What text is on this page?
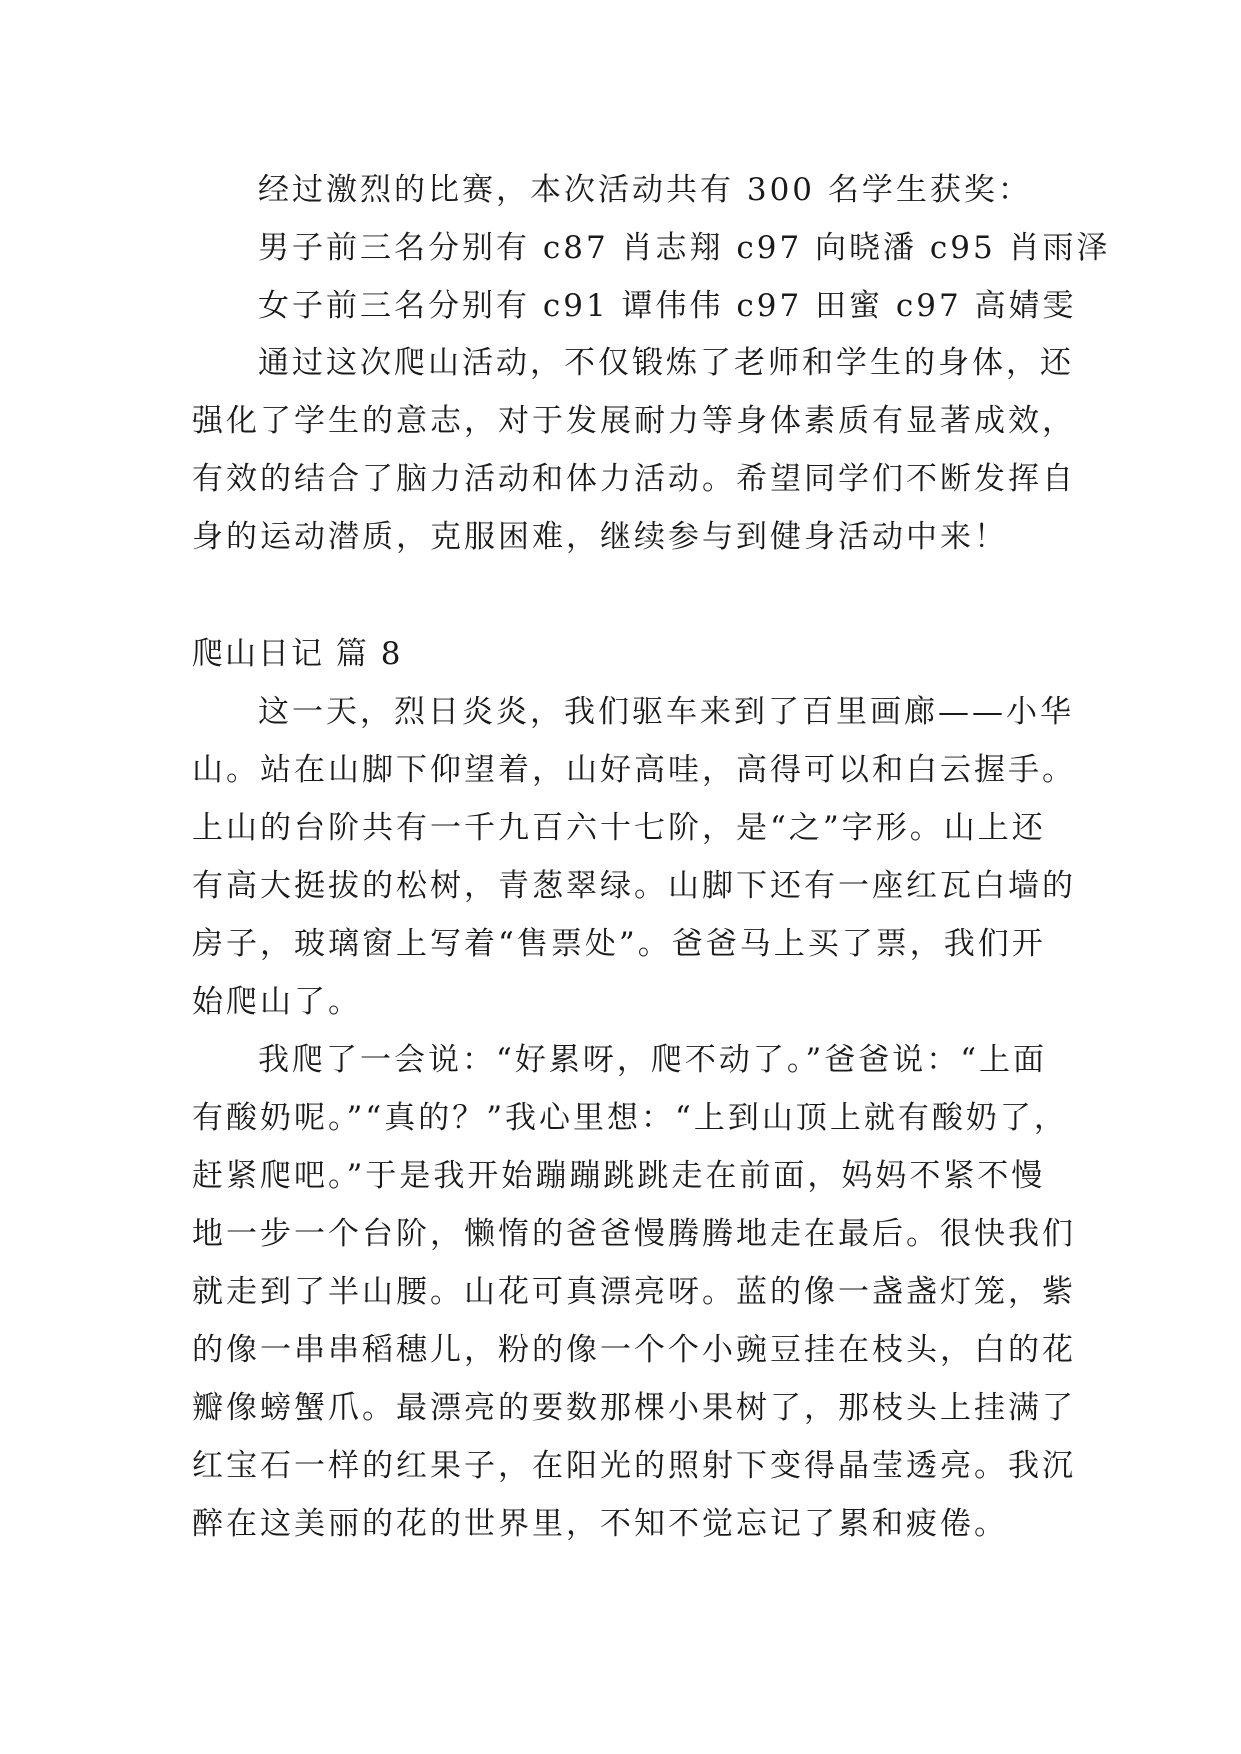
经过激烈的比赛，本次活动共有 300 名学生获奖：

男子前三名分别有 c87 肖志翔 c97 向晓潘 c95 肖雨泽

女子前三名分别有 c91 谭伟伟 c97 田蜜 c97 高婧雯

通过这次爬山活动，不仅锻炼了老师和学生的身体，还

强化了学生的意志，对于发展耐力等身体素质有显著成效，

有效的结合了脑力活动和体力活动。希望同学们不断发挥自

身的运动潜质，克服困难，继续参与到健身活动中来！

爬山日记 篇 8

这一天，烈日炎炎，我们驱车来到了百里画廊——小华

山。站在山脚下仰望着，山好高哇，高得可以和白云握手。

上山的台阶共有一千九百六十七阶，是“之”字形。山上还

有高大挺拔的松树，青葱翠绿。山脚下还有一座红瓦白墙的

房子，玻璃窗上写着“售票处”。爸爸马上买了票，我们开

始爬山了。

我爬了一会说：“好累呀，爬不动了。”爸爸说：“上面

有酸奶呢。”“真的？”我心里想：“上到山顶上就有酸奶了，

赶紧爬吧。”于是我开始蹦蹦跳跳走在前面，妈妈不紧不慢

地一步一个台阶，懒惰的爸爸慢腾腾地走在最后。很快我们

就走到了半山腰。山花可真漂亮呀。蓝的像一盏盏灯笼，紫

的像一串串稻穗儿，粉的像一个个小豌豆挂在枝头，白的花

瓣像螃蟹爪。最漂亮的要数那棵小果树了，那枝头上挂满了

红宝石一样的红果子，在阳光的照射下变得晶莹透亮。我沉

醉在这美丽的花的世界里，不知不觉忘记了累和疲倦。
